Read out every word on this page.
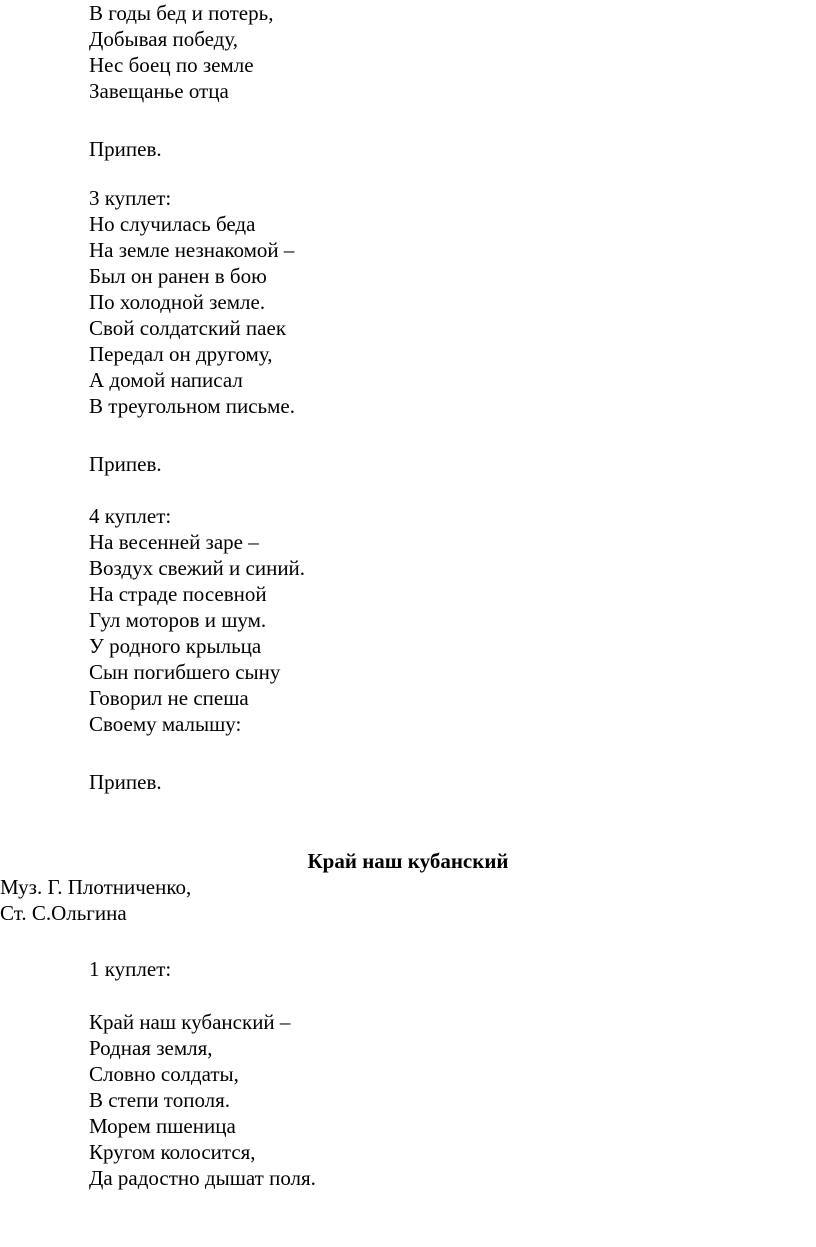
В годы бед и потерь,
Добывая победу,
Нес боец по земле
Завещанье отца
Припев.
3 куплет:
Но случилась беда
На земле незнакомой –
Был он ранен в бою
По холодной земле.
Свой солдатский паек
Передал он другому,
А домой написал
В треугольном письме.
Припев.
4 куплет:
На весенней заре –
Воздух свежий и синий.
На страде посевной
Гул моторов и шум.
У родного крыльца
Сын погибшего сыну
Говорил не спеша
Своему малышу:
Припев.
Край наш кубанский
Муз. Г. Плотниченко,
Ст. С.Ольгина
1 куплет:
Край наш кубанский –
Родная земля,
Словно солдаты,
В степи тополя.
Морем пшеница
Кругом колосится,
Да радостно дышат поля.
